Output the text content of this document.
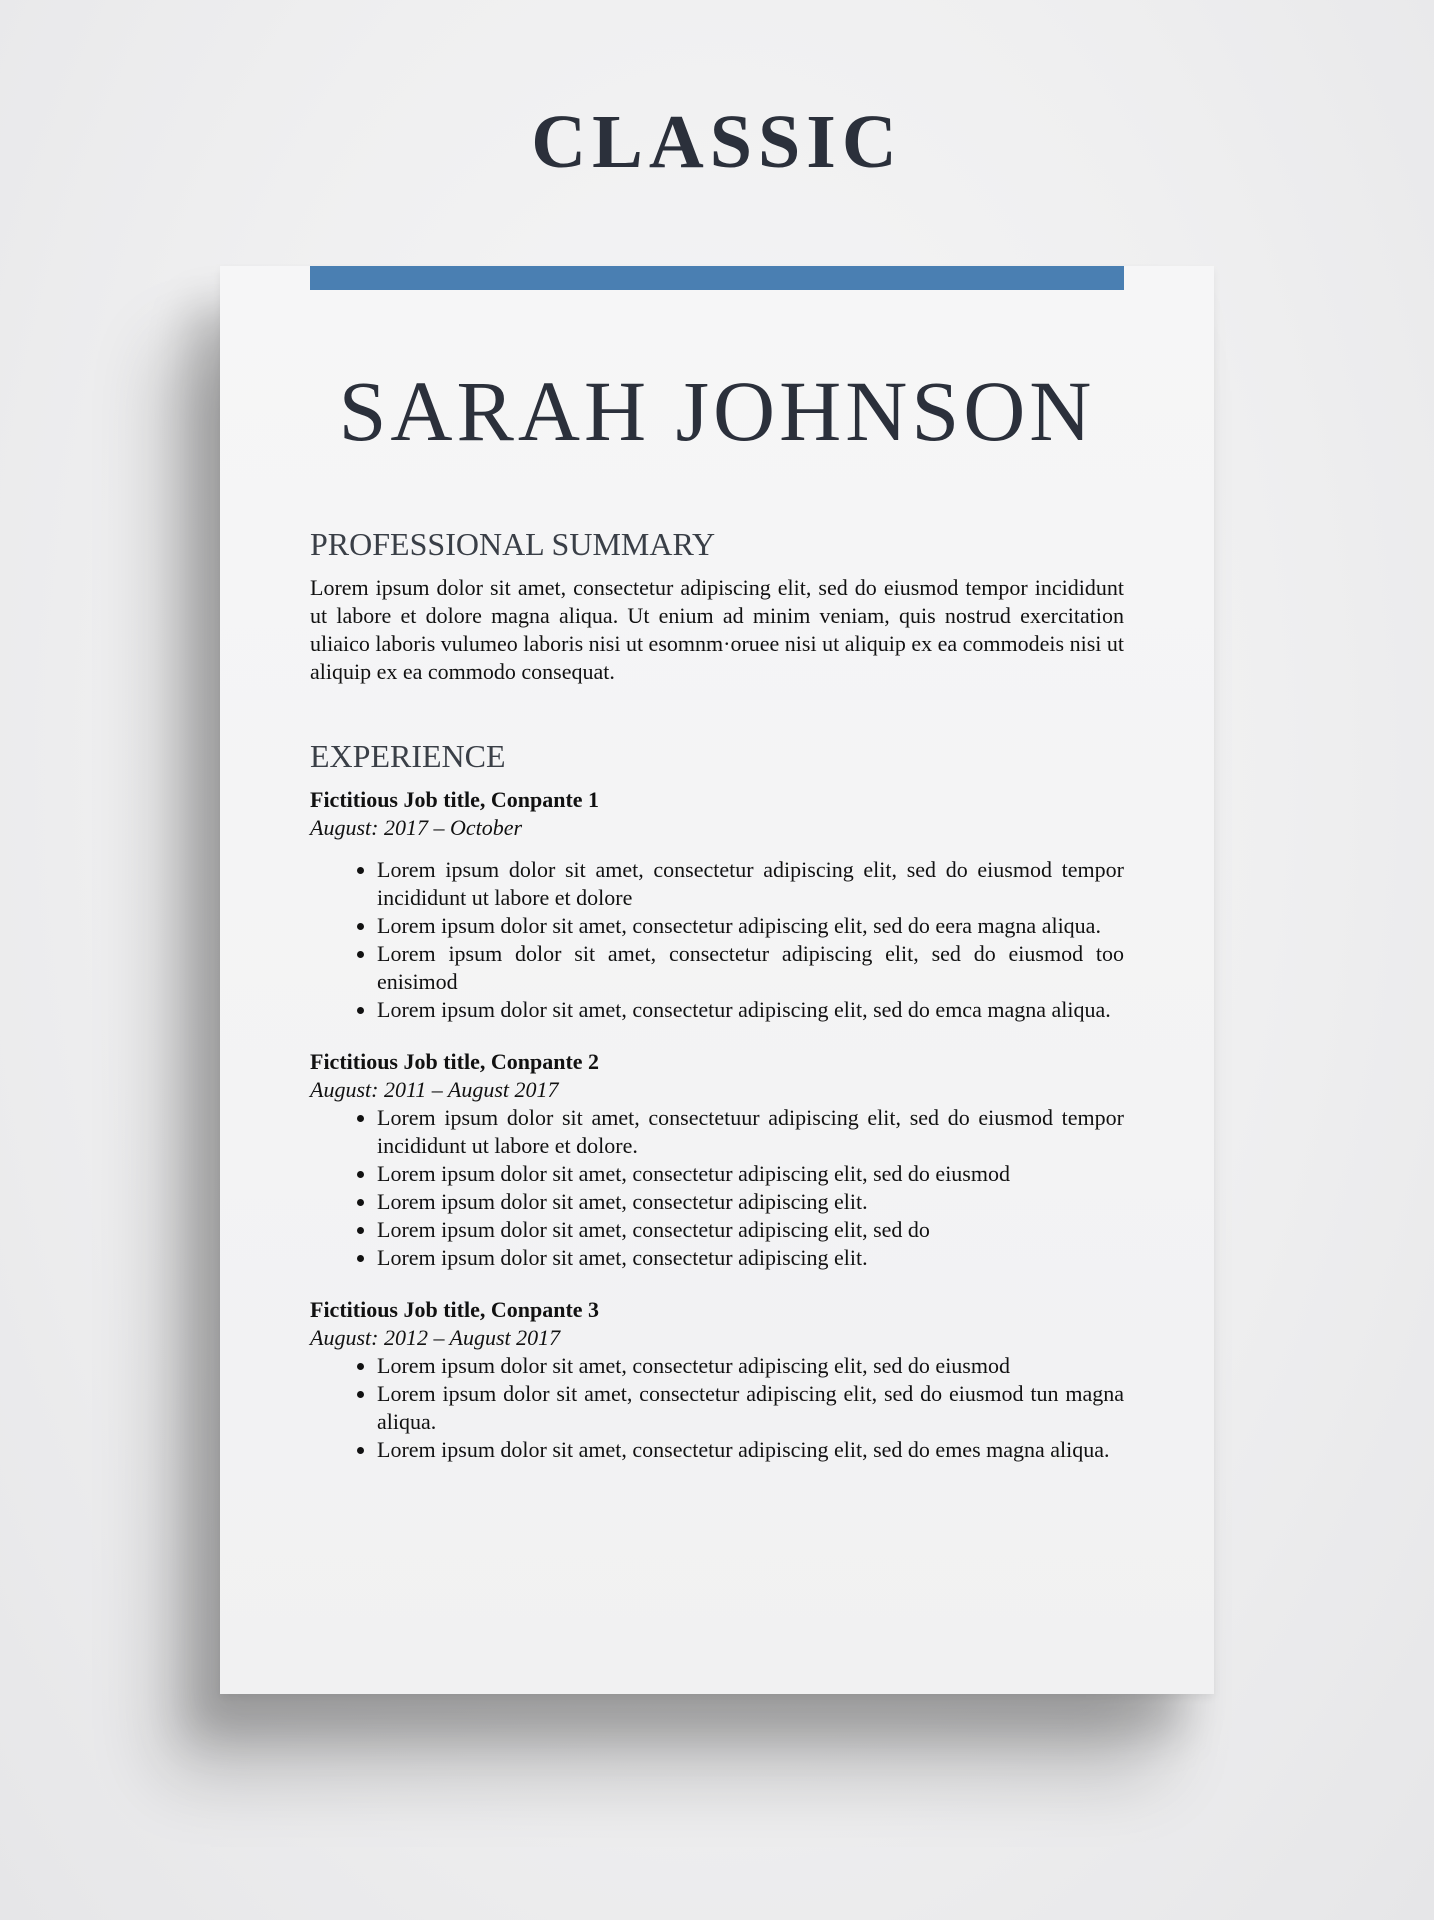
CLASSIC
SARAH JOHNSON
PROFESSIONAL SUMMARY

Lorem ipsum dolor sit amet, consectetur adipiscing elit, sed do eiusmod tempor incididunt ut labore et dolore magna aliqua. Ut enium ad minim veniam, quis nostrud exercitation uliaico laboris vulumeo laboris nisi ut esomnm·oruee nisi ut aliquip ex ea commodeis nisi ut aliquip ex ea commodo consequat.

EXPERIENCE
Fictitious Job title, Conpante 1
August: 2017 – October
• Lorem ipsum dolor sit amet, consectetur adipiscing elit, sed do eiusmod tempor incididunt ut labore et dolore
• Lorem ipsum dolor sit amet, consectetur adipiscing elit, sed do eera magna aliqua.
• Lorem ipsum dolor sit amet, consectetur adipiscing elit, sed do eiusmod too enisimod
• Lorem ipsum dolor sit amet, consectetur adipiscing elit, sed do emca magna aliqua.
Fictitious Job title, Conpante 2
August: 2011 – August 2017
• Lorem ipsum dolor sit amet, consectetuur adipiscing elit, sed do eiusmod tempor incididunt ut labore et dolore.
• Lorem ipsum dolor sit amet, consectetur adipiscing elit, sed do eiusmod
• Lorem ipsum dolor sit amet, consectetur adipiscing elit.
• Lorem ipsum dolor sit amet, consectetur adipiscing elit, sed do
• Lorem ipsum dolor sit amet, consectetur adipiscing elit.
Fictitious Job title, Conpante 3
August: 2012 – August 2017
• Lorem ipsum dolor sit amet, consectetur adipiscing elit, sed do eiusmod
• Lorem ipsum dolor sit amet, consectetur adipiscing elit, sed do eiusmod tun magna aliqua.
• Lorem ipsum dolor sit amet, consectetur adipiscing elit, sed do emes magna aliqua.
